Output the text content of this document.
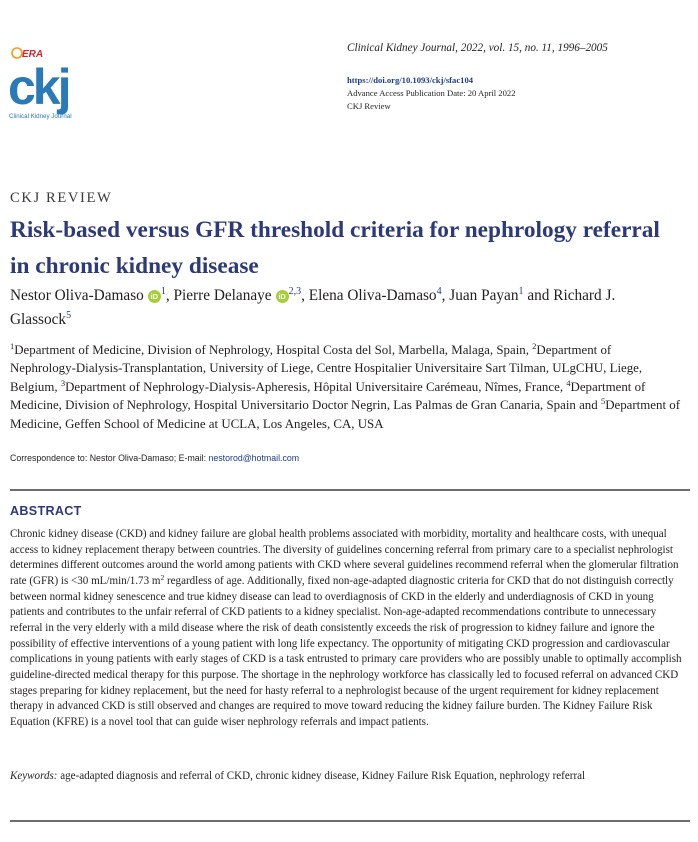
ERA
ckj
Clinical Kidney Journal
Clinical Kidney Journal, 2022, vol. 15, no. 11, 1996–2005
https://doi.org/10.1093/ckj/sfac104
Advance Access Publication Date: 20 April 2022
CKJ Review
CKJ REVIEW
Risk-based versus GFR threshold criteria for nephrology referral in chronic kidney disease
Nestor Oliva-Damaso iD $^1$, Pierre Delanaye iD $^{2,3}$, Elena Oliva-Damaso$^4$, Juan Payan$^1$ and Richard J. Glassock$^5$

$^1$Department of Medicine, Division of Nephrology, Hospital Costa del Sol, Marbella, Malaga, Spain, $^2$Department of Nephrology-Dialysis-Transplantation, University of Liege, Centre Hospitalier Universitaire Sart Tilman, ULgCHU, Liege, Belgium, $^3$Department of Nephrology-Dialysis-Apheresis, Hôpital Universitaire Carémeau, Nîmes, France, $^4$Department of Medicine, Division of Nephrology, Hospital Universitario Doctor Negrin, Las Palmas de Gran Canaria, Spain and $^5$Department of Medicine, Geffen School of Medicine at UCLA, Los Angeles, CA, USA

Correspondence to: Nestor Oliva-Damaso; E-mail: nestorod@hotmail.com
ABSTRACT

Chronic kidney disease (CKD) and kidney failure are global health problems associated with morbidity, mortality and healthcare costs, with unequal access to kidney replacement therapy between countries. The diversity of guidelines concerning referral from primary care to a specialist nephrologist determines different outcomes around the world among patients with CKD where several guidelines recommend referral when the glomerular filtration rate (GFR) is <30 mL/min/1.73 $m^2$ regardless of age. Additionally, fixed non-age-adapted diagnostic criteria for CKD that do not distinguish correctly between normal kidney senescence and true kidney disease can lead to overdiagnosis of CKD in the elderly and underdiagnosis of CKD in young patients and contributes to the unfair referral of CKD patients to a kidney specialist. Non-age-adapted recommendations contribute to unnecessary referral in the very elderly with a mild disease where the risk of death consistently exceeds the risk of progression to kidney failure and ignore the possibility of effective interventions of a young patient with long life expectancy. The opportunity of mitigating CKD progression and cardiovascular complications in young patients with early stages of CKD is a task entrusted to primary care providers who are possibly unable to optimally accomplish guideline-directed medical therapy for this purpose. The shortage in the nephrology workforce has classically led to focused referral on advanced CKD stages preparing for kidney replacement, but the need for hasty referral to a nephrologist because of the urgent requirement for kidney replacement therapy in advanced CKD is still observed and changes are required to move toward reducing the kidney failure burden. The Kidney Failure Risk Equation (KFRE) is a novel tool that can guide wiser nephrology referrals and impact patients.

Keywords: age-adapted diagnosis and referral of CKD, chronic kidney disease, Kidney Failure Risk Equation, nephrology referral
